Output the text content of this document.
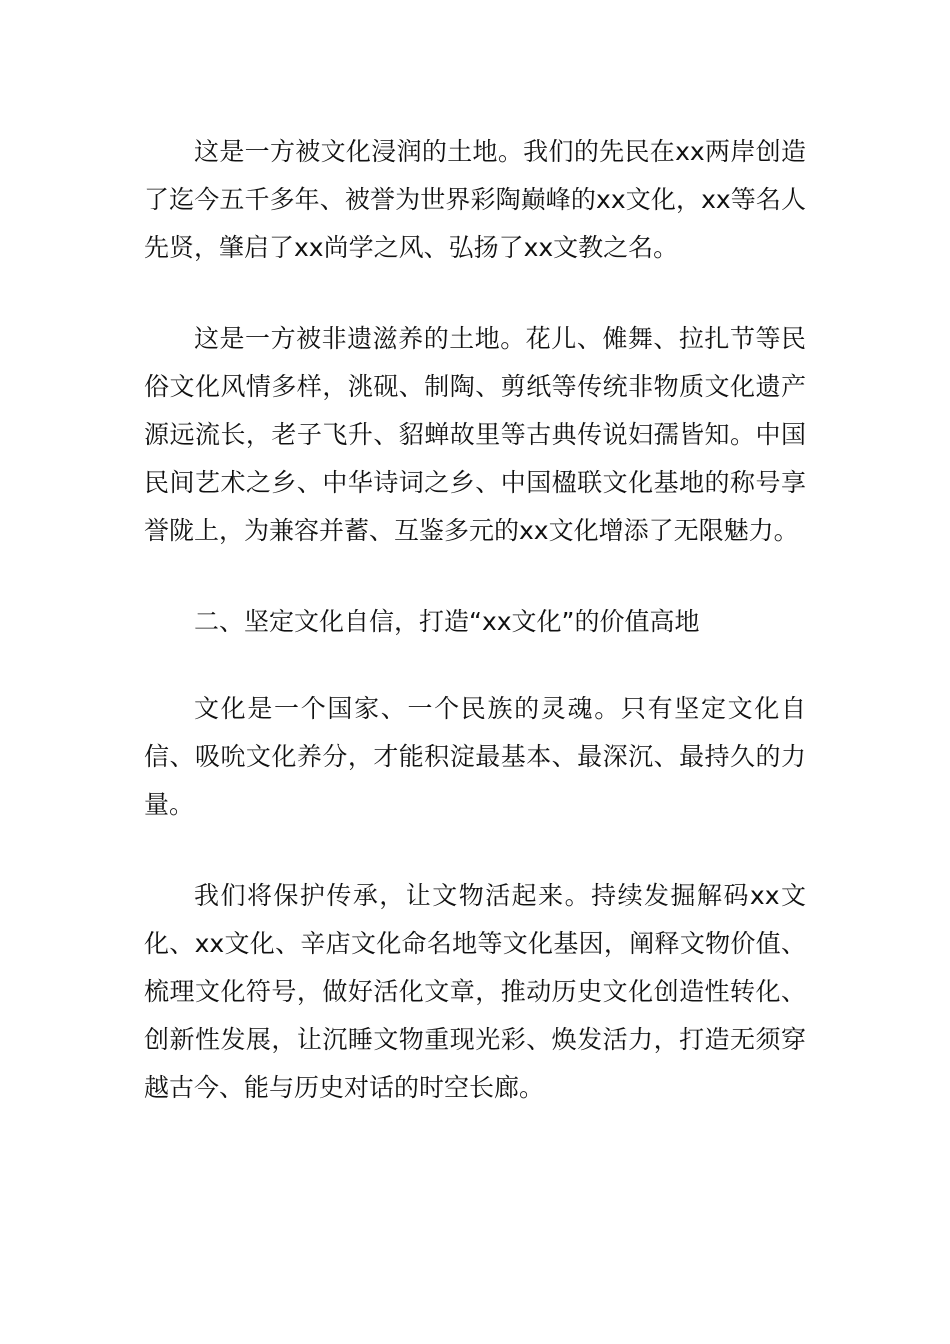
这是一方被文化浸润的土地。我们的先民在xx两岸创造了迄今五千多年、被誉为世界彩陶巅峰的xx文化，xx等名人先贤，肇启了xx尚学之风、弘扬了xx文教之名。

这是一方被非遗滋养的土地。花儿、傩舞、拉扎节等民俗文化风情多样，洮砚、制陶、剪纸等传统非物质文化遗产源远流长，老子飞升、貂蝉故里等古典传说妇孺皆知。中国民间艺术之乡、中华诗词之乡、中国楹联文化基地的称号享誉陇上，为兼容并蓄、互鉴多元的xx文化增添了无限魅力。

二、坚定文化自信，打造“xx文化”的价值高地

文化是一个国家、一个民族的灵魂。只有坚定文化自信、吸吮文化养分，才能积淀最基本、最深沉、最持久的力量。

我们将保护传承，让文物活起来。持续发掘解码xx文化、xx文化、辛店文化命名地等文化基因，阐释文物价值、梳理文化符号，做好活化文章，推动历史文化创造性转化、创新性发展，让沉睡文物重现光彩、焕发活力，打造无须穿越古今、能与历史对话的时空长廊。
